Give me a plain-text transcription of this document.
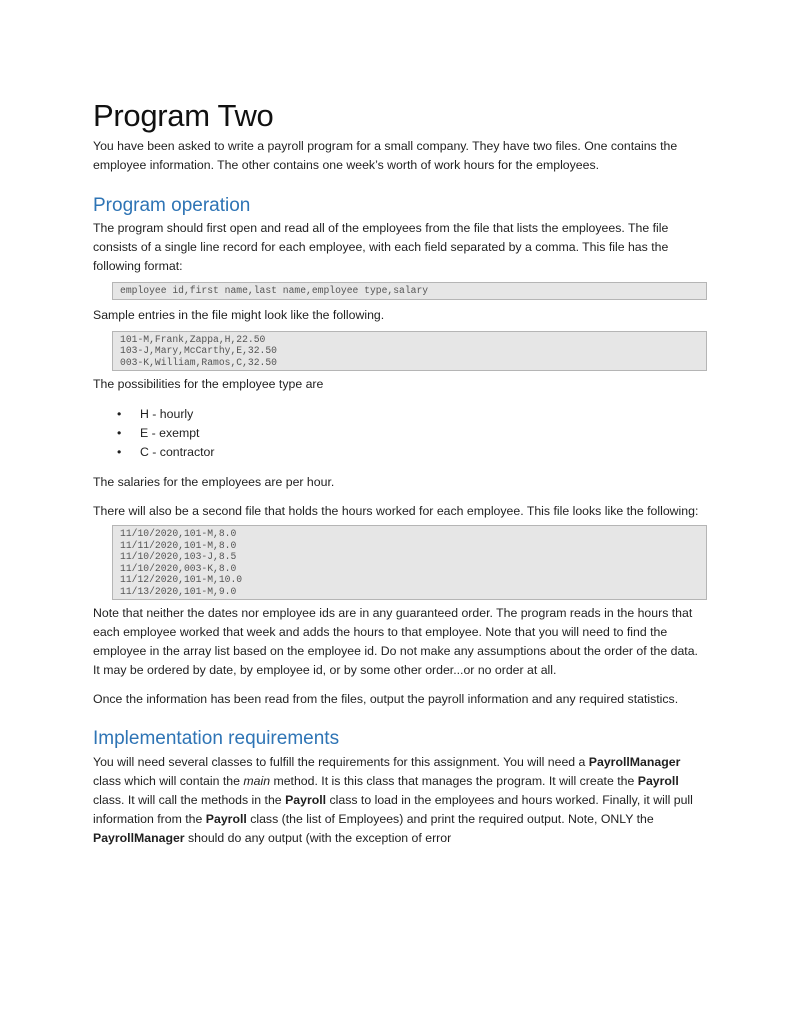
Program Two

You have been asked to write a payroll program for a small company. They have two files. One contains the employee information. The other contains one week’s worth of work hours for the employees.

Program operation

The program should first open and read all of the employees from the file that lists the employees. The file consists of a single line record for each employee, with each field separated by a comma. This file has the following format:

employee id,first name,last name,employee type,salary

Sample entries in the file might look like the following.

101-M,Frank,Zappa,H,22.50
103-J,Mary,McCarthy,E,32.50
003-K,William,Ramos,C,32.50

The possibilities for the employee type are

• H - hourly
• E - exempt
• C - contractor

The salaries for the employees are per hour.

There will also be a second file that holds the hours worked for each employee. This file looks like the following:

11/10/2020,101-M,8.0
11/11/2020,101-M,8.0
11/10/2020,103-J,8.5
11/10/2020,003-K,8.0
11/12/2020,101-M,10.0
11/13/2020,101-M,9.0

Note that neither the dates nor employee ids are in any guaranteed order. The program reads in the hours that each employee worked that week and adds the hours to that employee. Note that you will need to find the employee in the array list based on the employee id. Do not make any assumptions about the order of the data. It may be ordered by date, by employee id, or by some other order...or no order at all.

Once the information has been read from the files, output the payroll information and any required statistics.

Implementation requirements

You will need several classes to fulfill the requirements for this assignment. You will need a PayrollManager class which will contain the main method. It is this class that manages the program. It will create the Payroll class. It will call the methods in the Payroll class to load in the employees and hours worked. Finally, it will pull information from the Payroll class (the list of Employees) and print the required output. Note, ONLY the PayrollManager should do any output (with the exception of error
